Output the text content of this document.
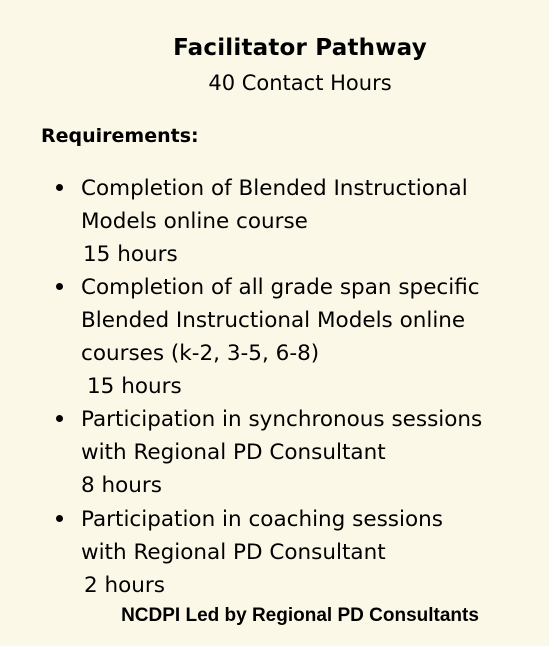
Facilitator Pathway
40 Contact Hours
Requirements:
Completion of Blended Instructional
Models online course
15 hours
Completion of all grade span specific
Blended Instructional Models online
courses (k-2, 3-5, 6-8)
15 hours
Participation in synchronous sessions
with Regional PD Consultant
8 hours
Participation in coaching sessions
with Regional PD Consultant
2 hours
NCDPI Led by Regional PD Consultants
